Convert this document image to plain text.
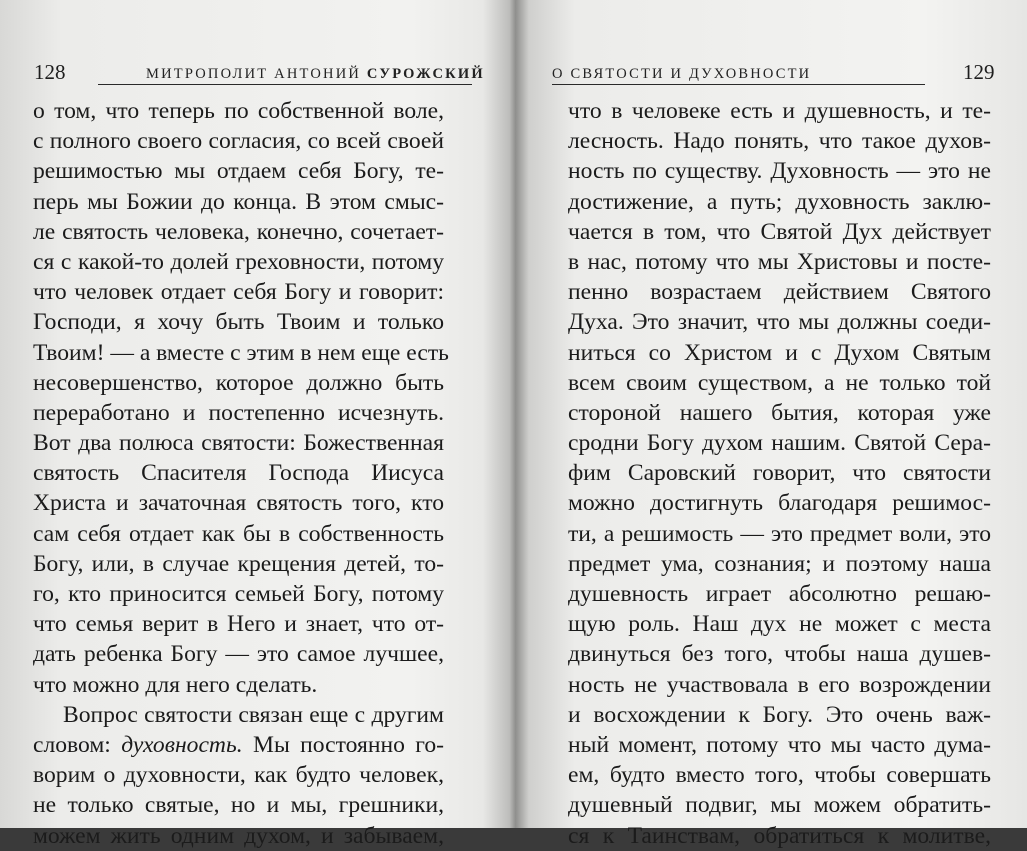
128	МИТРОПОЛИТ АНТОНИЙ СУРОЖСКИЙ
о том, что теперь по собственной воле,
с полного своего согласия, со всей своей
решимостью мы отдаем себя Богу, те-
перь мы Божии до конца. В этом смыс-
ле святость человека, конечно, сочетает-
ся с какой-то долей греховности, потому
что человек отдает себя Богу и говорит:
Господи, я хочу быть Твоим и только
Твоим! — а вместе с этим в нем еще есть
несовершенство, которое должно быть
переработано и постепенно исчезнуть.
Вот два полюса святости: Божественная
святость Спасителя Господа Иисуса
Христа и зачаточная святость того, кто
сам себя отдает как бы в собственность
Богу, или, в случае крещения детей, то-
го, кто приносится семьей Богу, потому
что семья верит в Него и знает, что от-
дать ребенка Богу — это самое лучшее,
что можно для него сделать.
Вопрос святости связан еще с другим
словом: духовность. Мы постоянно го-
ворим о духовности, как будто человек,
не только святые, но и мы, грешники,
можем жить одним духом, и забываем,
О СВЯТОСТИ И ДУХОВНОСТИ	129
что в человеке есть и душевность, и те-
лесность. Надо понять, что такое духов-
ность по существу. Духовность — это не
достижение, а путь; духовность заклю-
чается в том, что Святой Дух действует
в нас, потому что мы Христовы и посте-
пенно возрастаем действием Святого
Духа. Это значит, что мы должны соеди-
ниться со Христом и с Духом Святым
всем своим существом, а не только той
стороной нашего бытия, которая уже
сродни Богу духом нашим. Святой Сера-
фим Саровский говорит, что святости
можно достигнуть благодаря решимос-
ти, а решимость — это предмет воли, это
предмет ума, сознания; и поэтому наша
душевность играет абсолютно решаю-
щую роль. Наш дух не может с места
двинуться без того, чтобы наша душев-
ность не участвовала в его возрождении
и восхождении к Богу. Это очень важ-
ный момент, потому что мы часто дума-
ем, будто вместо того, чтобы совершать
душевный подвиг, мы можем обратить-
ся к Таинствам, обратиться к молитве,
